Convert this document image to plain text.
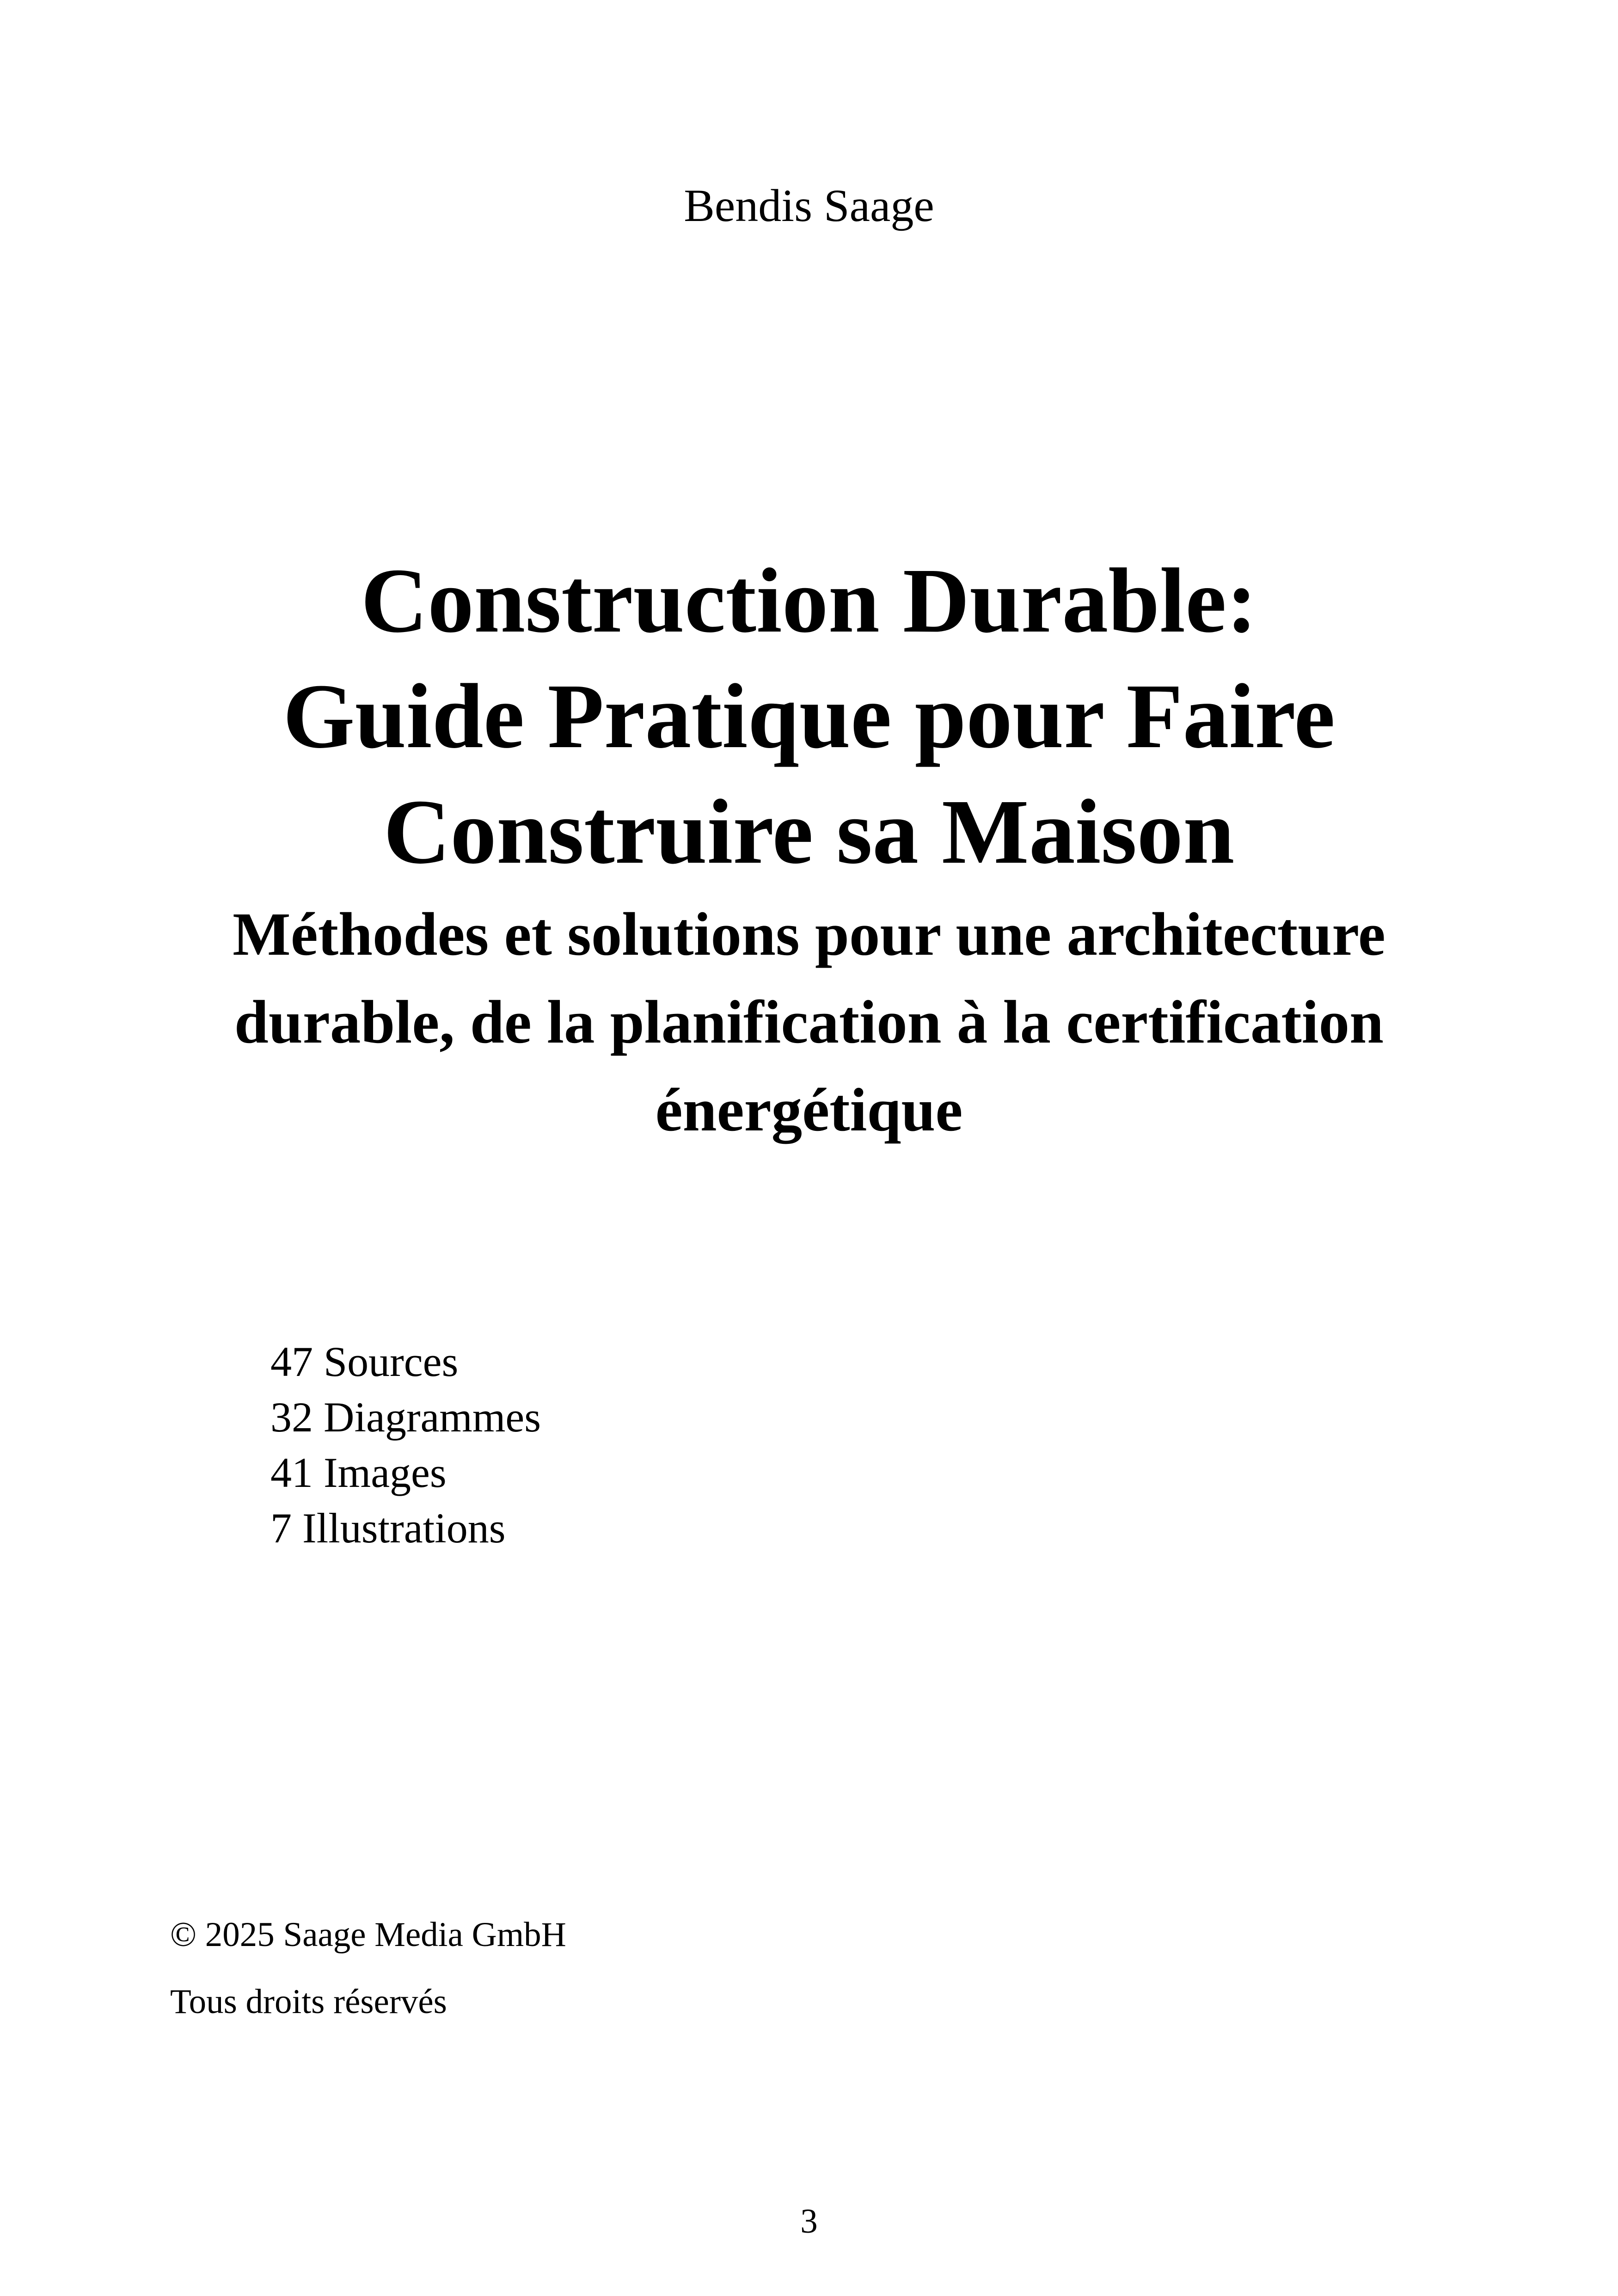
Bendis Saage
Construction Durable:
Guide Pratique pour Faire
Construire sa Maison
Méthodes et solutions pour une architecture
durable, de la planification à la certification
énergétique
47 Sources
32 Diagrammes
41 Images
7 Illustrations
© 2025 Saage Media GmbH
Tous droits réservés
3
